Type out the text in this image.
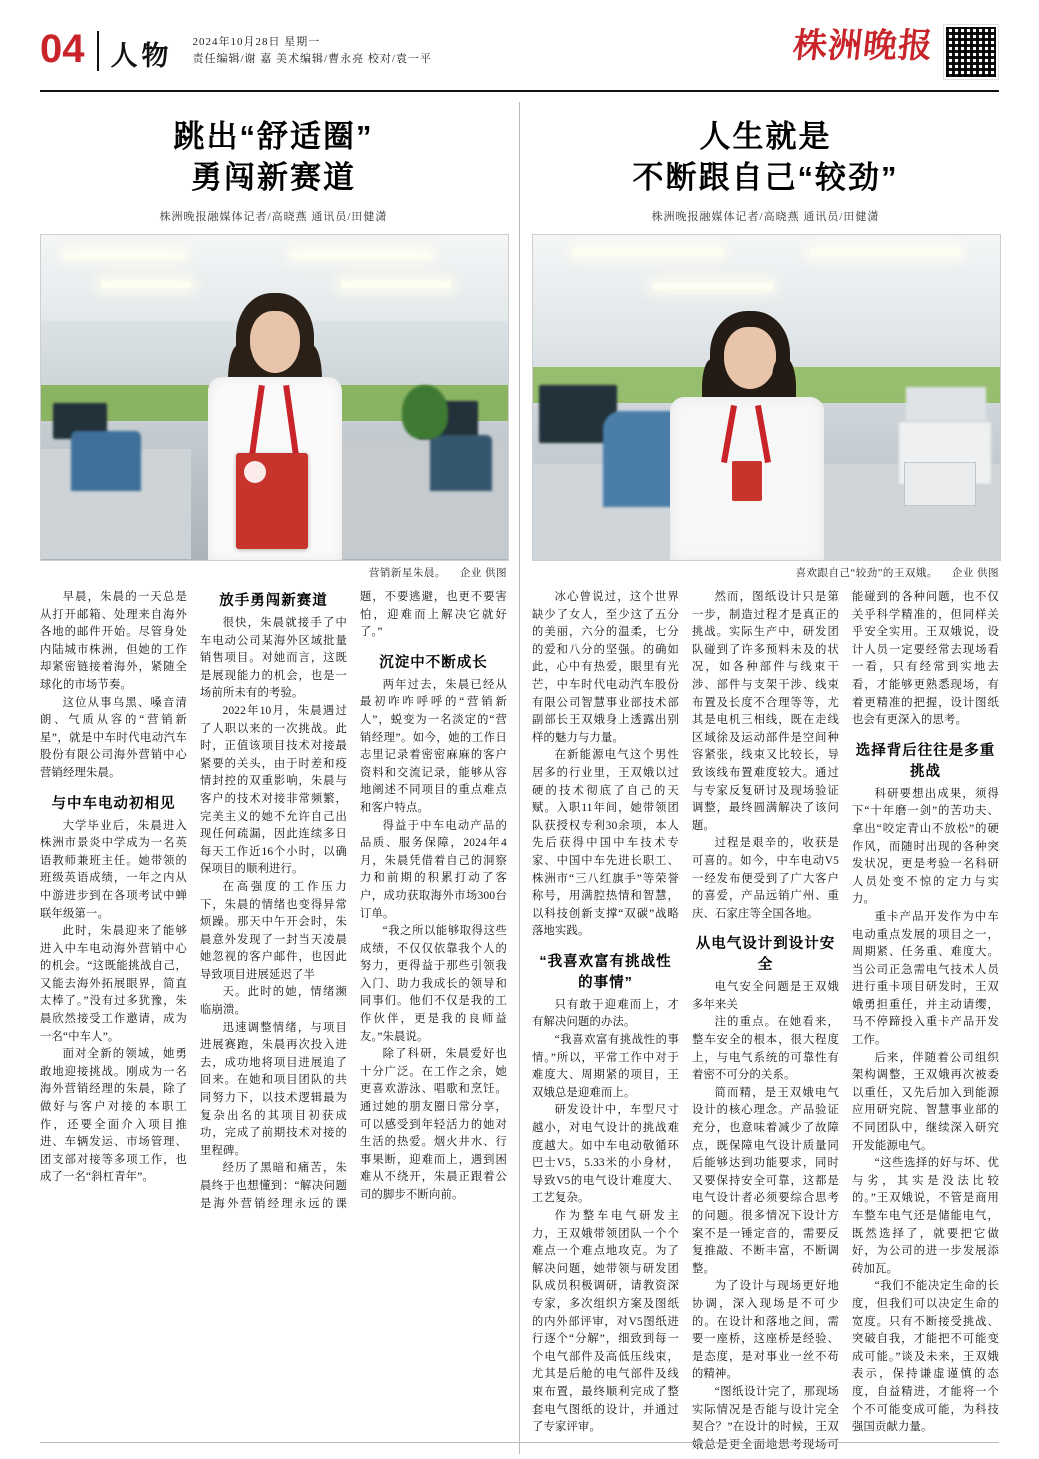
04 人物 2024年10月28日 星期一
责任编辑/谢 嘉 美术编辑/曹永亮 校对/袁一平	株洲晚报
跳出“舒适圈”
勇闯新赛道
株洲晚报融媒体记者/高晓燕 通讯员/田健潇
营销新星朱晨。 企业 供图

早晨，朱晨的一天总是从打开邮箱、处理来自海外各地的邮件开始。尽管身处内陆城市株洲，但她的工作却紧密链接着海外，紧随全球化的市场节奏。

这位从事乌黑、嗓音清朗、气质从容的“营销新星”，就是中车时代电动汽车股份有限公司海外营销中心营销经理朱晨。

与中车电动初相见

大学毕业后，朱晨进入株洲市景炎中学成为一名英语教师兼班主任。她带领的班级英语成绩，一年之内从中游进步到在各项考试中蝉联年级第一。

此时，朱晨迎来了能够进入中车电动海外营销中心的机会。“这既能挑战自己，又能去海外拓展眼界，简直太棒了。”没有过多犹豫，朱晨欣然接受工作邀请，成为一名“中车人”。

面对全新的领域，她勇敢地迎接挑战。刚成为一名海外营销经理的朱晨，除了做好与客户对接的本职工作，还要全面介入项目推进、车辆发运、市场管理、团支部对接等多项工作，也成了一名“斜杠青年”。

放手勇闯新赛道

很快，朱晨就接手了中车电动公司某海外区域批量销售项目。对她而言，这既是展现能力的机会，也是一场前所未有的考验。

2022年10月，朱晨遇过了人职以来的一次挑战。此时，正值该项目技术对接最紧要的关头，由于时差和疫情封控的双重影响，朱晨与客户的技术对接非常频繁，完美主义的她不允许自己出现任何疏漏，因此连续多日每天工作近16个小时，以确保项目的顺利进行。

在高强度的工作压力下，朱晨的情绪也变得异常烦躁。那天中午开会时，朱晨意外发现了一封当天凌晨她忽视的客户邮件，也因此导致项目进展延迟了半

天。此时的她，情绪濒临崩溃。

迅速调整情绪，与项目进展赛跑，朱晨再次投入进去，成功地将项目进展追了回来。在她和项目团队的共同努力下，以技术逻辑最为复杂出名的其项目初获成功，完成了前期技术对接的里程碑。

经历了黑暗和痛苦，朱晨终于也想懂到：“解决问题是海外营销经理永远的课题，不要逃避，也更不要害怕，迎难而上解决它就好了。”

沉淀中不断成长

两年过去，朱晨已经从最初咋咋呼呼的“营销新人”，蜕变为一名淡定的“营销经理”。如今，她的工作日志里记录着密密麻麻的客户资料和交流记录，能够从容地阐述不同项目的重点难点和客户特点。

得益于中车电动产品的品质、服务保障，2024年4月，朱晨凭借着自己的洞察力和前期的积累打动了客户，成功获取海外市场300台订单。

“我之所以能够取得这些成绩，不仅仅依靠我个人的努力，更得益于那些引领我入门、助力我成长的领导和同事们。他们不仅是我的工作伙伴，更是我的良师益友。”朱晨说。

除了科研，朱晨爱好也十分广泛。在工作之余，她更喜欢游泳、唱歌和烹饪。通过她的朋友圈日常分享，可以感受到年轻活力的她对生活的热爱。烟火井水、行事果断，迎难而上，遇到困难从不绕开，朱晨正跟着公司的脚步不断向前。

人生就是
不断跟自己“较劲”
株洲晚报融媒体记者/高晓燕 通讯员/田健潇
喜欢跟自己“较劲”的王双娥。 企业 供图

冰心曾说过，这个世界缺少了女人，至少这了五分的美丽，六分的温柔，七分的爱和八分的坚强。的确如此，心中有热爱，眼里有光芒，中车时代电动汽车股份有限公司智慧事业部技术部副部长王双娥身上透露出别样的魅力与力量。

在新能源电气这个男性居多的行业里，王双娥以过硬的技术彻底了自己的天赋。入职11年间，她带领团队获授权专利30余项，本人先后获得中国中车技术专家、中国中车先进长职工、株洲市“三八红旗手”等荣誉称号，用满腔热情和智慧，以科技创新支撑“双碳”战略落地实践。

“我喜欢富有挑战性的事情”

只有敢于迎难而上，才有解决问题的办法。

“我喜欢富有挑战性的事情。”所以，平常工作中对于难度大、周期紧的项目，王双娥总是迎难而上。

研发设计中，车型尺寸越小，对电气设计的挑战难度越大。如中车电动敬循环巴士V5，5.33米的小身材，导致V5的电气设计难度大、工艺复杂。

作为整车电气研发主力，王双娥带领团队一个个难点一个难点地攻克。为了解决问题，她带领与研发团队成员积极调研，请教资深专家，多次组织方案及图纸的内外部评审，对V5图纸进行逐个“分解”，细致到每一个电气部件及高低压线束，尤其是后舱的电气部件及线束布置，最终顺利完成了整套电气图纸的设计，并通过了专家评审。

然而，图纸设计只是第一步，制造过程才是真正的挑战。实际生产中，研发团队碰到了许多预料未及的状况，如各种部件与线束干涉、部件与支架干涉、线束布置及长度不合理等等，尤其是电机三相线，既在走线区域徐及运动部件是空间种容紧张，线束又比较长，导致该线布置难度较大。通过与专家反复研讨及现场验证调整，最终圆满解决了该问题。

过程是艰辛的，收获是可喜的。如今，中车电动V5一经发布便受到了广大客户的喜爱，产品远销广州、重庆、石家庄等全国各地。

从电气设计到设计安全

电气安全问题是王双娥多年来关

注的重点。在她看来，整车安全的根本，很大程度上，与电气系统的可靠性有着密不可分的关系。

简而精，是王双娥电气设计的核心理念。产品验证充分，也意味着减少了故障点，既保障电气设计质量同后能够达到功能要求，同时又要保持安全可靠，这都是电气设计者必须要综合思考的问题。很多情况下设计方案不是一锤定音的，需要反复推敲、不断丰富，不断调整。

为了设计与现场更好地协调，深入现场是不可少的。在设计和落地之间，需要一座桥，这座桥是经验、是态度，是对事业一丝不苟的精神。

“图纸设计完了，那现场实际情况是否能与设计完全契合？”在设计的时候，王双娥总是更全面地思考现场可能碰到的各种问题，也不仅关乎科学精准的，但同样关乎安全实用。王双娥说，设计人员一定要经常去现场看一看，只有经常到实地去看，才能够更熟悉现场，有着更精准的把握，设计图纸也会有更深入的思考。

选择背后往往是多重挑战

科研要想出成果，须得下“十年磨一剑”的苦功夫、拿出“咬定青山不放松”的硬作风，而随时出现的各种突发状况，更是考验一名科研人员处变不惊的定力与实力。

重卡产品开发作为中车电动重点发展的项目之一，周期紧、任务重、难度大。当公司正急需电气技术人员进行重卡项目研发时，王双娥勇担重任，并主动请缨，马不停蹄投入重卡产品开发工作。

后来，伴随着公司组织架构调整，王双娥再次被委以重任，又先后加入到能源应用研究院、智慧事业部的不同团队中，继续深入研究开发能源电气。

“这些选择的好与坏、优与劣，其实是没法比较的。”王双娥说，不管是商用车整车电气还是储能电气，既然选择了，就要把它做好，为公司的进一步发展添砖加瓦。

“我们不能决定生命的长度，但我们可以决定生命的宽度。只有不断接受挑战、突破自我，才能把不可能变成可能。”谈及未来，王双娥表示，保持谦虚谨慎的态度，自益精进，才能将一个个不可能变成可能，为科技强国贡献力量。
